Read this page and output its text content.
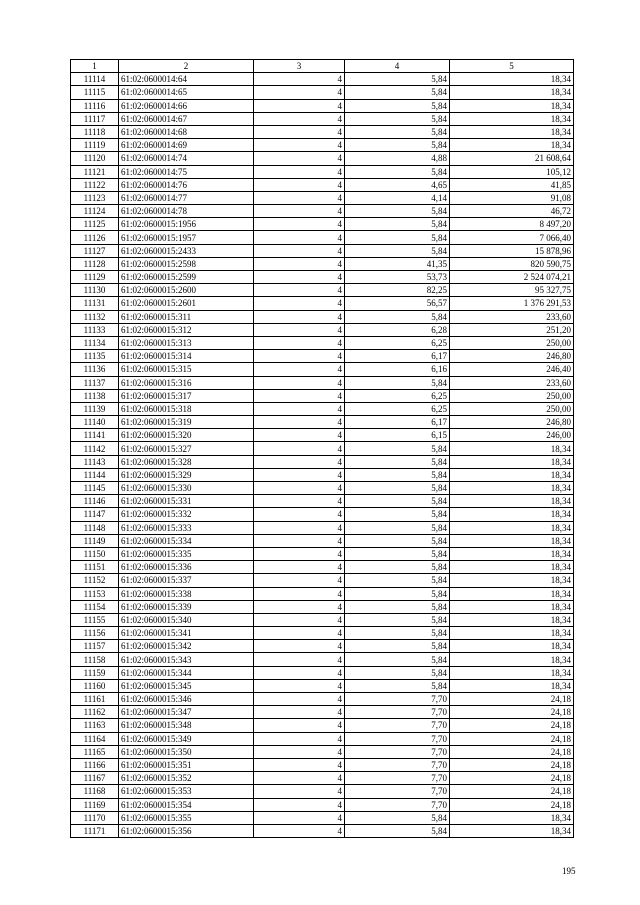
1	2	3	4	5
11114	61:02:0600014:64	4	5,84	18,34
11115	61:02:0600014:65	4	5,84	18,34
11116	61:02:0600014:66	4	5,84	18,34
11117	61:02:0600014:67	4	5,84	18,34
11118	61:02:0600014:68	4	5,84	18,34
11119	61:02:0600014:69	4	5,84	18,34
11120	61:02:0600014:74	4	4,88	21 608,64
11121	61:02:0600014:75	4	5,84	105,12
11122	61:02:0600014:76	4	4,65	41,85
11123	61:02:0600014:77	4	4,14	91,08
11124	61:02:0600014:78	4	5,84	46,72
11125	61:02:0600015:1956	4	5,84	8 497,20
11126	61:02:0600015:1957	4	5,84	7 066,40
11127	61:02:0600015:2433	4	5,84	15 878,96
11128	61:02:0600015:2598	4	41,35	820 590,75
11129	61:02:0600015:2599	4	53,73	2 524 074,21
11130	61:02:0600015:2600	4	82,25	95 327,75
11131	61:02:0600015:2601	4	56,57	1 376 291,53
11132	61:02:0600015:311	4	5,84	233,60
11133	61:02:0600015:312	4	6,28	251,20
11134	61:02:0600015:313	4	6,25	250,00
11135	61:02:0600015:314	4	6,17	246,80
11136	61:02:0600015:315	4	6,16	246,40
11137	61:02:0600015:316	4	5,84	233,60
11138	61:02:0600015:317	4	6,25	250,00
11139	61:02:0600015:318	4	6,25	250,00
11140	61:02:0600015:319	4	6,17	246,80
11141	61:02:0600015:320	4	6,15	246,00
11142	61:02:0600015:327	4	5,84	18,34
11143	61:02:0600015:328	4	5,84	18,34
11144	61:02:0600015:329	4	5,84	18,34
11145	61:02:0600015:330	4	5,84	18,34
11146	61:02:0600015:331	4	5,84	18,34
11147	61:02:0600015:332	4	5,84	18,34
11148	61:02:0600015:333	4	5,84	18,34
11149	61:02:0600015:334	4	5,84	18,34
11150	61:02:0600015:335	4	5,84	18,34
11151	61:02:0600015:336	4	5,84	18,34
11152	61:02:0600015:337	4	5,84	18,34
11153	61:02:0600015:338	4	5,84	18,34
11154	61:02:0600015:339	4	5,84	18,34
11155	61:02:0600015:340	4	5,84	18,34
11156	61:02:0600015:341	4	5,84	18,34
11157	61:02:0600015:342	4	5,84	18,34
11158	61:02:0600015:343	4	5,84	18,34
11159	61:02:0600015:344	4	5,84	18,34
11160	61:02:0600015:345	4	5,84	18,34
11161	61:02:0600015:346	4	7,70	24,18
11162	61:02:0600015:347	4	7,70	24,18
11163	61:02:0600015:348	4	7,70	24,18
11164	61:02:0600015:349	4	7,70	24,18
11165	61:02:0600015:350	4	7,70	24,18
11166	61:02:0600015:351	4	7,70	24,18
11167	61:02:0600015:352	4	7,70	24,18
11168	61:02:0600015:353	4	7,70	24,18
11169	61:02:0600015:354	4	7,70	24,18
11170	61:02:0600015:355	4	5,84	18,34
11171	61:02:0600015:356	4	5,84	18,34
195
